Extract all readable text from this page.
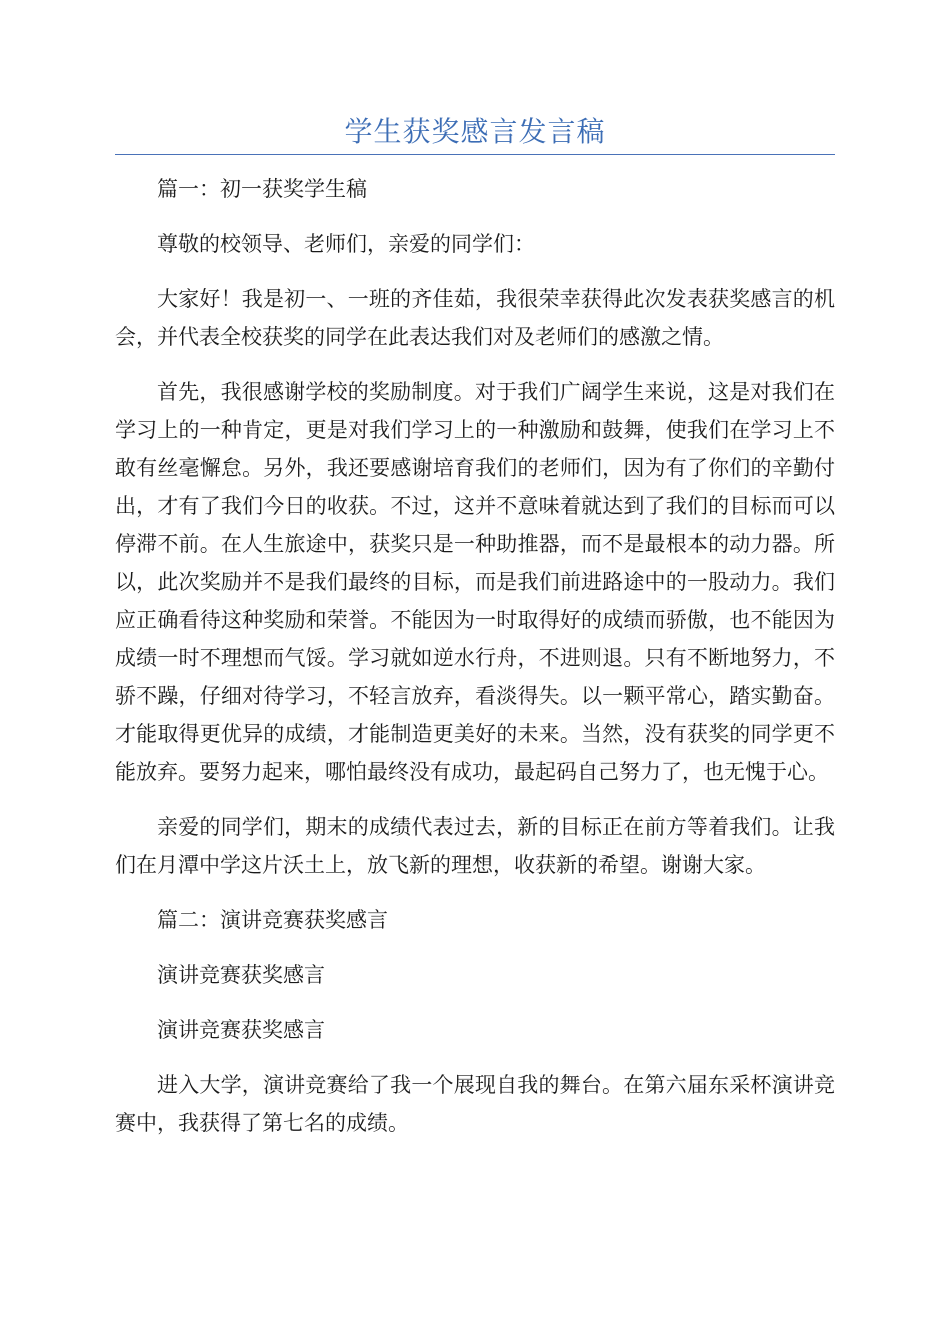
学生获奖感言发言稿

篇一：初一获奖学生稿

尊敬的校领导、老师们，亲爱的同学们：

大家好！我是初一、一班的齐佳茹，我很荣幸获得此次发表获奖感言的机会，并代表全校获奖的同学在此表达我们对及老师们的感激之情。

首先，我很感谢学校的奖励制度。对于我们广阔学生来说，这是对我们在学习上的一种肯定，更是对我们学习上的一种激励和鼓舞，使我们在学习上不敢有丝毫懈怠。另外，我还要感谢培育我们的老师们，因为有了你们的辛勤付出，才有了我们今日的收获。不过，这并不意味着就达到了我们的目标而可以停滞不前。在人生旅途中，获奖只是一种助推器，而不是最根本的动力器。所以，此次奖励并不是我们最终的目标，而是我们前进路途中的一股动力。我们应正确看待这种奖励和荣誉。不能因为一时取得好的成绩而骄傲，也不能因为成绩一时不理想而气馁。学习就如逆水行舟，不进则退。只有不断地努力，不骄不躁，仔细对待学习，不轻言放弃，看淡得失。以一颗平常心，踏实勤奋。才能取得更优异的成绩，才能制造更美好的未来。当然，没有获奖的同学更不能放弃。要努力起来，哪怕最终没有成功，最起码自己努力了，也无愧于心。

亲爱的同学们，期末的成绩代表过去，新的目标正在前方等着我们。让我们在月潭中学这片沃土上，放飞新的理想，收获新的希望。谢谢大家。

篇二：演讲竞赛获奖感言

演讲竞赛获奖感言

演讲竞赛获奖感言

进入大学，演讲竞赛给了我一个展现自我的舞台。在第六届东采杯演讲竞赛中，我获得了第七名的成绩。
